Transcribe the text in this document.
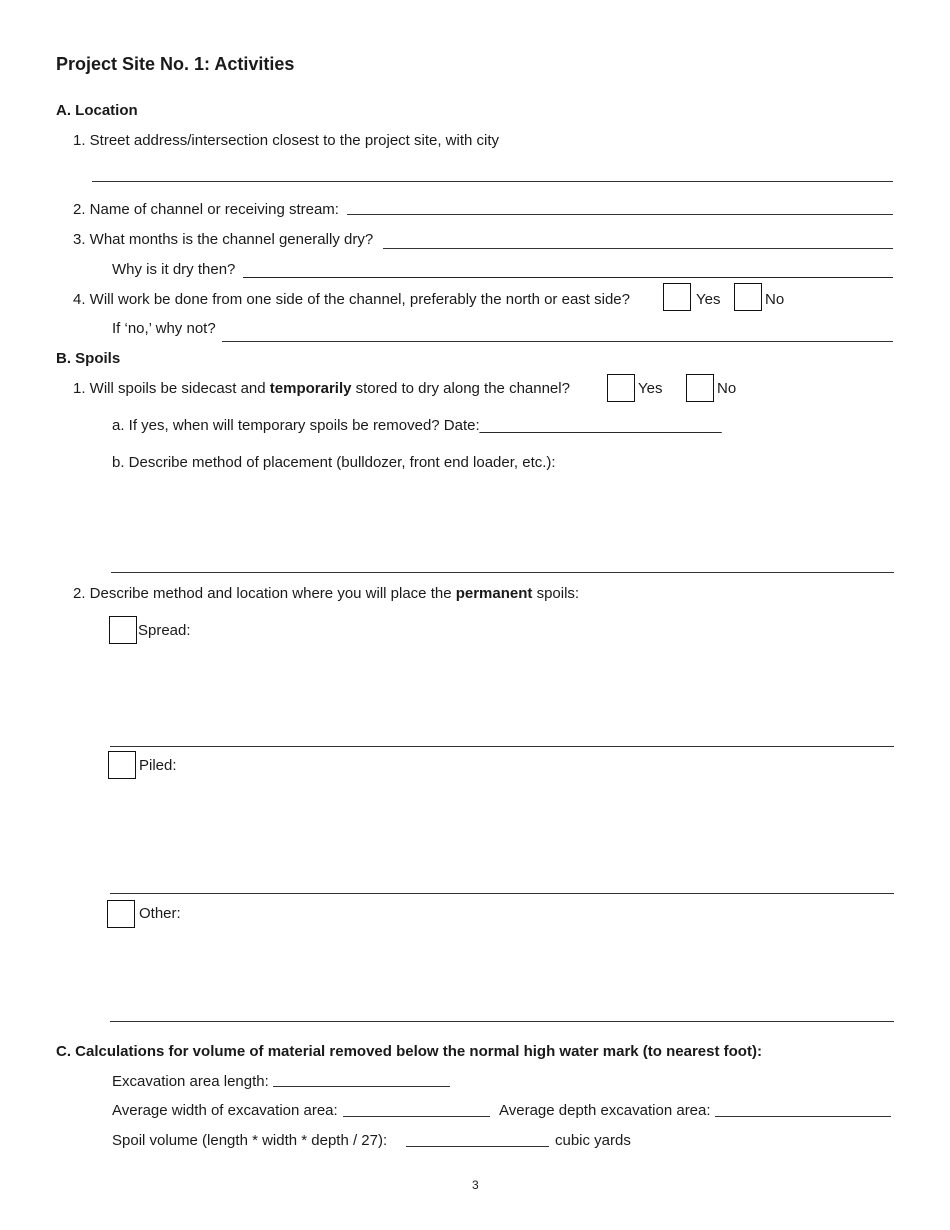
Project Site No. 1: Activities
A. Location
1. Street address/intersection closest to the project site, with city
2. Name of channel or receiving stream:
3. What months is the channel generally dry?
Why is it dry then?
4. Will work be done from one side of the channel, preferably the north or east side?	Yes	No
If ‘no,’ why not?
B. Spoils
1. Will spoils be sidecast and temporarily stored to dry along the channel?	Yes	No
a. If yes, when will temporary spoils be removed? Date:_____________________________
b. Describe method of placement (bulldozer, front end loader, etc.):
2. Describe method and location where you will place the permanent spoils:
Spread:
Piled:
Other:
C. Calculations for volume of material removed below the normal high water mark (to nearest foot):
Excavation area length:
Average width of excavation area:	Average depth excavation area:
Spoil volume (length * width * depth / 27):	cubic yards
3
